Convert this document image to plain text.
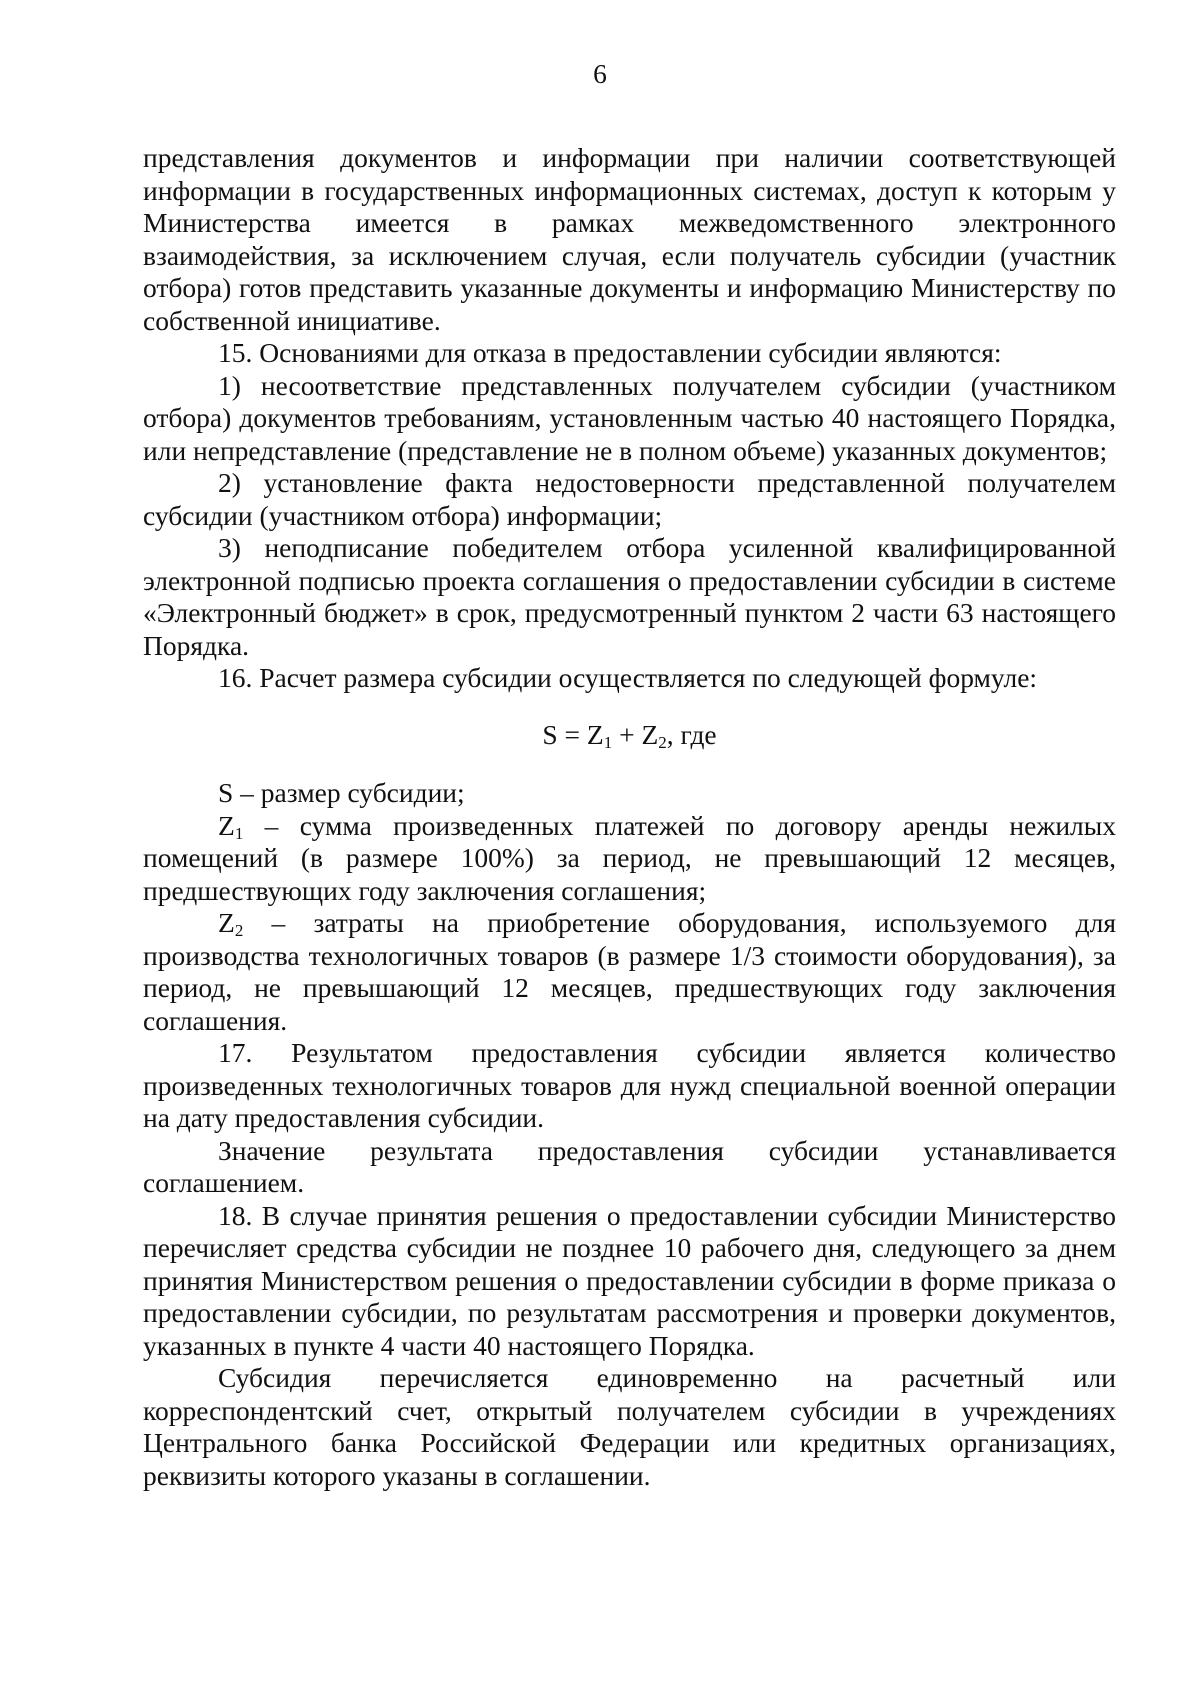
6

представления документов и информации при наличии соответствующей информации в государственных информационных системах, доступ к которым у Министерства имеется в рамках межведомственного электронного взаимодействия, за исключением случая, если получатель субсидии (участник отбора) готов представить указанные документы и информацию Министерству по собственной инициативе.

15. Основаниями для отказа в предоставлении субсидии являются:

1) несоответствие представленных получателем субсидии (участником отбора) документов требованиям, установленным частью 40 настоящего Порядка, или непредставление (представление не в полном объеме) указанных документов;

2) установление факта недостоверности представленной получателем субсидии (участником отбора) информации;

3) неподписание победителем отбора усиленной квалифицированной электронной подписью проекта соглашения о предоставлении субсидии в системе «Электронный бюджет» в срок, предусмотренный пунктом 2 части 63 настоящего Порядка.

16. Расчет размера субсидии осуществляется по следующей формуле:

$S = Z_1 + Z_2$, где

S – размер субсидии;

$Z_1$ – сумма произведенных платежей по договору аренды нежилых помещений (в размере 100%) за период, не превышающий 12 месяцев, предшествующих году заключения соглашения;

$Z_2$ – затраты на приобретение оборудования, используемого для производства технологичных товаров (в размере 1/3 стоимости оборудования), за период, не превышающий 12 месяцев, предшествующих году заключения соглашения.

17. Результатом предоставления субсидии является количество произведенных технологичных товаров для нужд специальной военной операции на дату предоставления субсидии.

Значение результата предоставления субсидии устанавливается соглашением.

18. В случае принятия решения о предоставлении субсидии Министерство перечисляет средства субсидии не позднее 10 рабочего дня, следующего за днем принятия Министерством решения о предоставлении субсидии в форме приказа о предоставлении субсидии, по результатам рассмотрения и проверки документов, указанных в пункте 4 части 40 настоящего Порядка.

Субсидия перечисляется единовременно на расчетный или корреспондентский счет, открытый получателем субсидии в учреждениях Центрального банка Российской Федерации или кредитных организациях, реквизиты которого указаны в соглашении.
